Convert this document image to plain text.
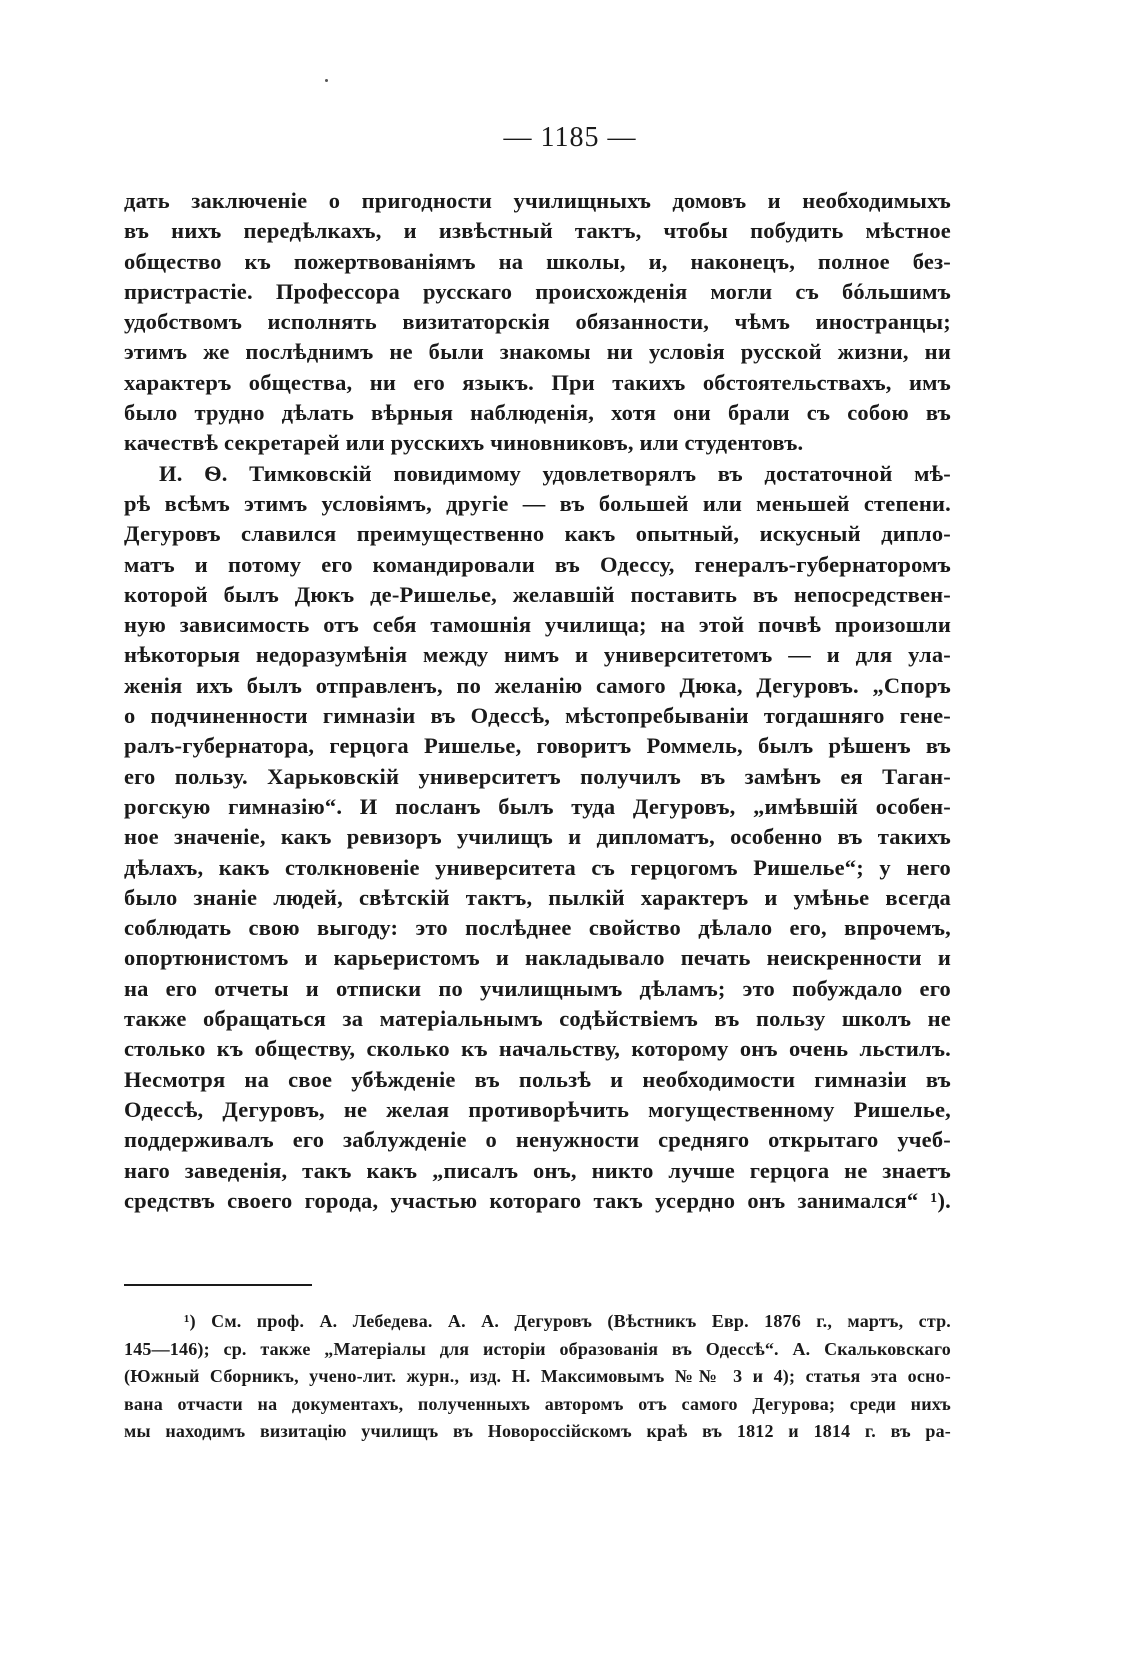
— 1185 —
дать заключеніе о пригодности училищныхъ домовъ и необходимыхъ
въ нихъ передѣлкахъ, и извѣстный тактъ, чтобы побудить мѣстное
общество къ пожертвованіямъ на школы, и, наконецъ, полное без-
пристрастіе. Профессора русскаго происхожденія могли съ бóльшимъ
удобствомъ исполнять визитаторскія обязанности, чѣмъ иностранцы;
этимъ же послѣднимъ не были знакомы ни условія русской жизни, ни
характеръ общества, ни его языкъ. При такихъ обстоятельствахъ, имъ
было трудно дѣлать вѣрныя наблюденія, хотя они брали съ собою въ
качествѣ секретарей или русскихъ чиновниковъ, или студентовъ.
И. Ѳ. Тимковскій повидимому удовлетворялъ въ достаточной мѣ-
рѣ всѣмъ этимъ условіямъ, другіе — въ большей или меньшей степени.
Дегуровъ славился преимущественно какъ опытный, искусный дипло-
матъ и потому его командировали въ Одессу, генералъ-губернаторомъ
которой былъ Дюкъ де-Ришелье, желавшій поставить въ непосредствен-
ную зависимость отъ себя тамошнія училища; на этой почвѣ произошли
нѣкоторыя недоразумѣнія между нимъ и университетомъ — и для ула-
женія ихъ былъ отправленъ, по желанію самого Дюка, Дегуровъ. „Споръ
о подчиненности гимназіи въ Одессѣ, мѣстопребываніи тогдашняго гене-
ралъ-губернатора, герцога Ришелье, говоритъ Роммель, былъ рѣшенъ въ
его пользу. Харьковскій университетъ получилъ въ замѣнъ ея Таган-
рогскую гимназію“. И посланъ былъ туда Дегуровъ, „имѣвшій особен-
ное значеніе, какъ ревизоръ училищъ и дипломатъ, особенно въ такихъ
дѣлахъ, какъ столкновеніе университета съ герцогомъ Ришелье“; у него
было знаніе людей, свѣтскій тактъ, пылкій характеръ и умѣнье всегда
соблюдать свою выгоду: это послѣднее свойство дѣлало его, впрочемъ,
опортюнистомъ и карьеристомъ и накладывало печать неискренности и
на его отчеты и отписки по училищнымъ дѣламъ; это побуждало его
также обращаться за матеріальнымъ содѣйствіемъ въ пользу школъ не
столько къ обществу, сколько къ начальству, которому онъ очень льстилъ.
Несмотря на свое убѣжденіе въ пользѣ и необходимости гимназіи въ
Одессѣ, Дегуровъ, не желая противорѣчить могущественному Ришелье,
поддерживалъ его заблужденіе о ненужности средняго открытаго учеб-
наго заведенія, такъ какъ „писалъ онъ, никто лучше герцога не знаетъ
средствъ своего города, участью котораго такъ усердно онъ занимался“ ¹).
¹) См. проф. А. Лебедева. А. А. Дегуровъ (Вѣстникъ Евр. 1876 г., мартъ, стр.
145—146); ср. также „Матеріалы для исторіи образованія въ Одессѣ“. А. Скальковскаго
(Южный Сборникъ, учено-лит. журн., изд. Н. Максимовымъ №№ 3 и 4); статья эта осно-
вана отчасти на документахъ, полученныхъ авторомъ отъ самого Дегурова; среди нихъ
мы находимъ визитацію училищъ въ Новороссійскомъ краѣ въ 1812 и 1814 г. въ ра-
